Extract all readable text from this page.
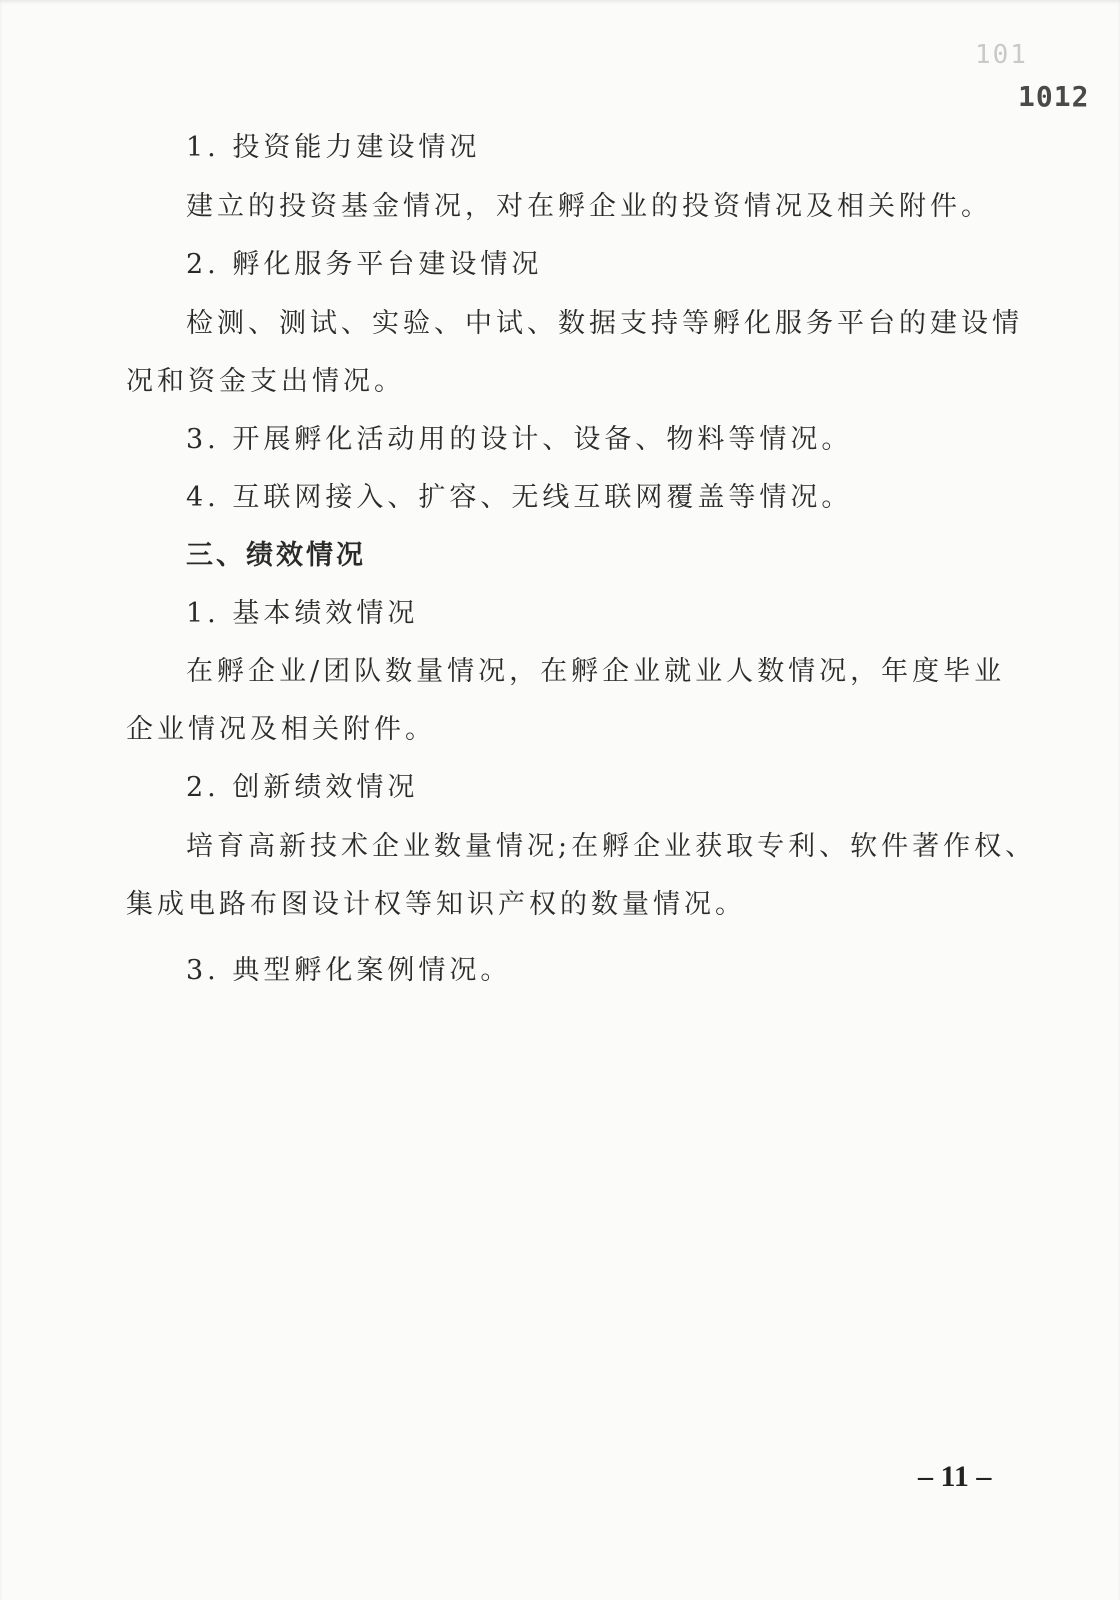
101
1012
1. 投资能力建设情况
建立的投资基金情况，对在孵企业的投资情况及相关附件。
2. 孵化服务平台建设情况
检测、测试、实验、中试、数据支持等孵化服务平台的建设情
况和资金支出情况。
3. 开展孵化活动用的设计、设备、物料等情况。
4. 互联网接入、扩容、无线互联网覆盖等情况。
三、绩效情况
1. 基本绩效情况
在孵企业/团队数量情况，在孵企业就业人数情况，年度毕业
企业情况及相关附件。
2. 创新绩效情况
培育高新技术企业数量情况;在孵企业获取专利、软件著作权、
集成电路布图设计权等知识产权的数量情况。
3. 典型孵化案例情况。
– 11 –
